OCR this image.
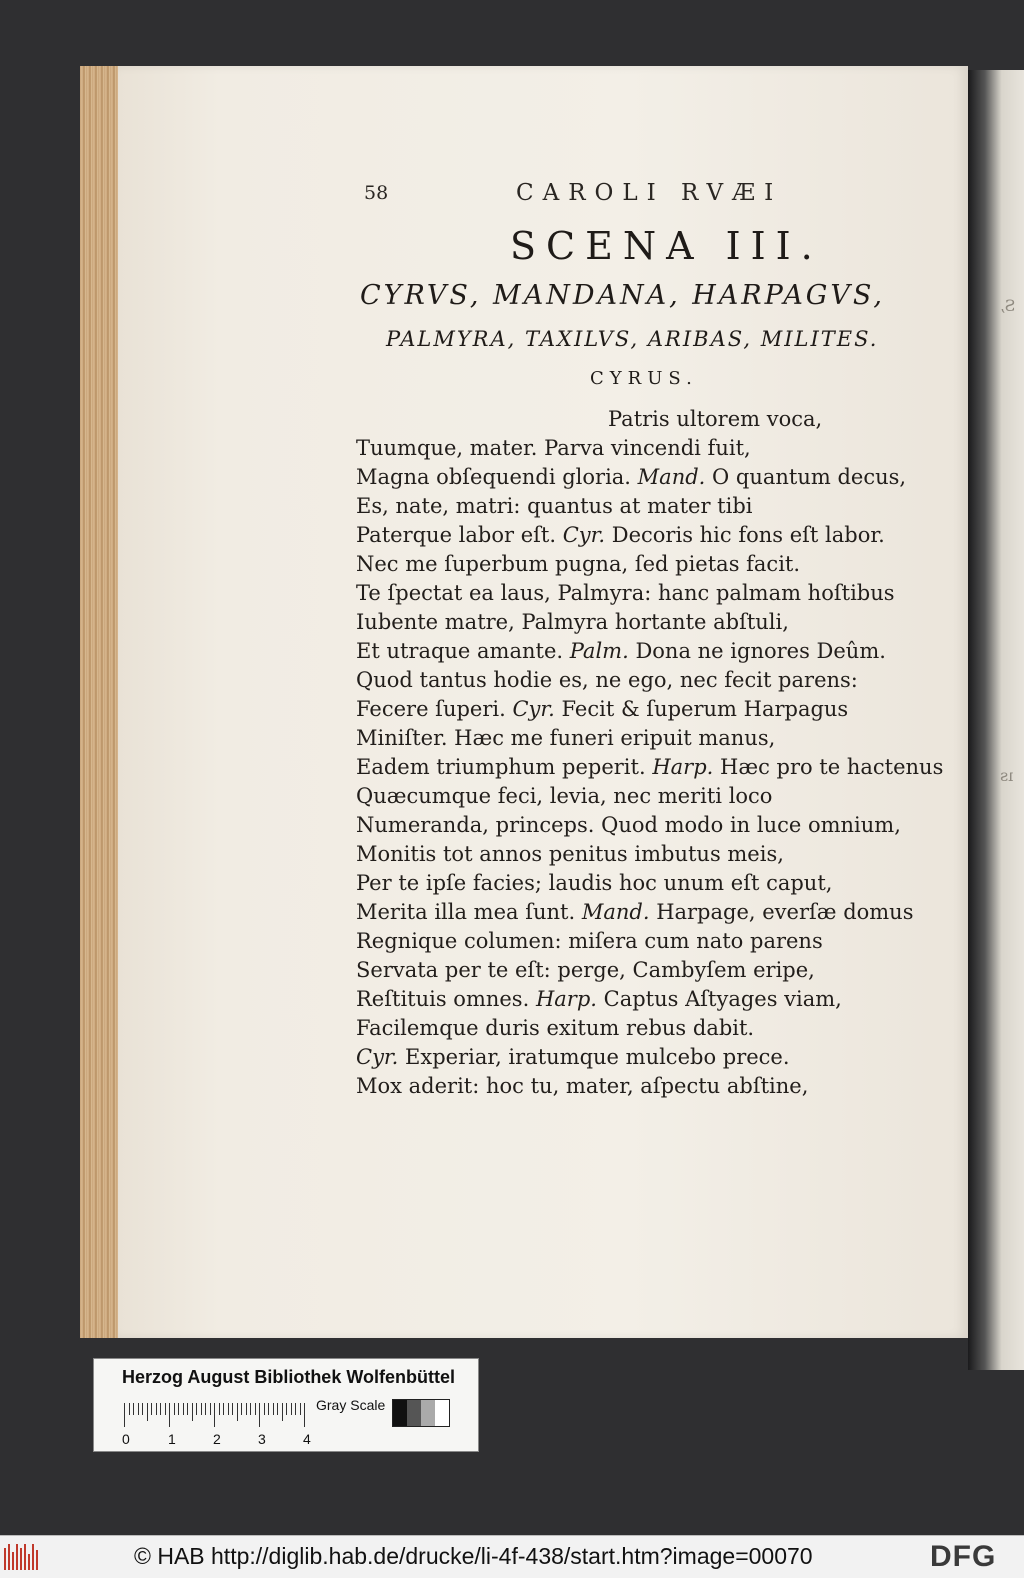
S,
ıs
58	CAROLI RVÆI
SCENA III.
CYRVS, MANDANA, HARPAGVS,
PALMYRA, TAXILVS, ARIBAS, MILITES.
CYRUS.
Patris ultorem voca,
Tuumque, mater. Parva vincendi fuit,
Magna obſequendi gloria. Mand. O quantum decus,
Es, nate, matri: quantus at mater tibi
Paterque labor eſt. Cyr. Decoris hic fons eſt labor.
Nec me ſuperbum pugna, ſed pietas facit.
Te ſpectat ea laus, Palmyra: hanc palmam hoſtibus
Iubente matre, Palmyra hortante abſtuli,
Et utraque amante. Palm. Dona ne ignores Deûm.
Quod tantus hodie es, ne ego, nec fecit parens:
Fecere ſuperi. Cyr. Fecit & ſuperum Harpagus
Miniſter. Hæc me funeri eripuit manus,
Eadem triumphum peperit. Harp. Hæc pro te hactenus
Quæcumque feci, levia, nec meriti loco
Numeranda, princeps. Quod modo in luce omnium,
Monitis tot annos penitus imbutus meis,
Per te ipſe facies; laudis hoc unum eſt caput,
Merita illa mea ſunt. Mand. Harpage, everſæ domus
Regnique columen: miſera cum nato parens
Servata per te eſt: perge, Cambyſem eripe,
Reſtituis omnes. Harp. Captus Aſtyages viam,
Facilemque duris exitum rebus dabit.
Cyr. Experiar, iratumque mulcebo prece.
Mox aderit: hoc tu, mater, aſpectu abſtine,
Herzog August Bibliothek Wolfenbüttel
0	1	2	3	4
Gray Scale
© HAB http://diglib.hab.de/drucke/li-4f-438/start.htm?image=00070	DFG
